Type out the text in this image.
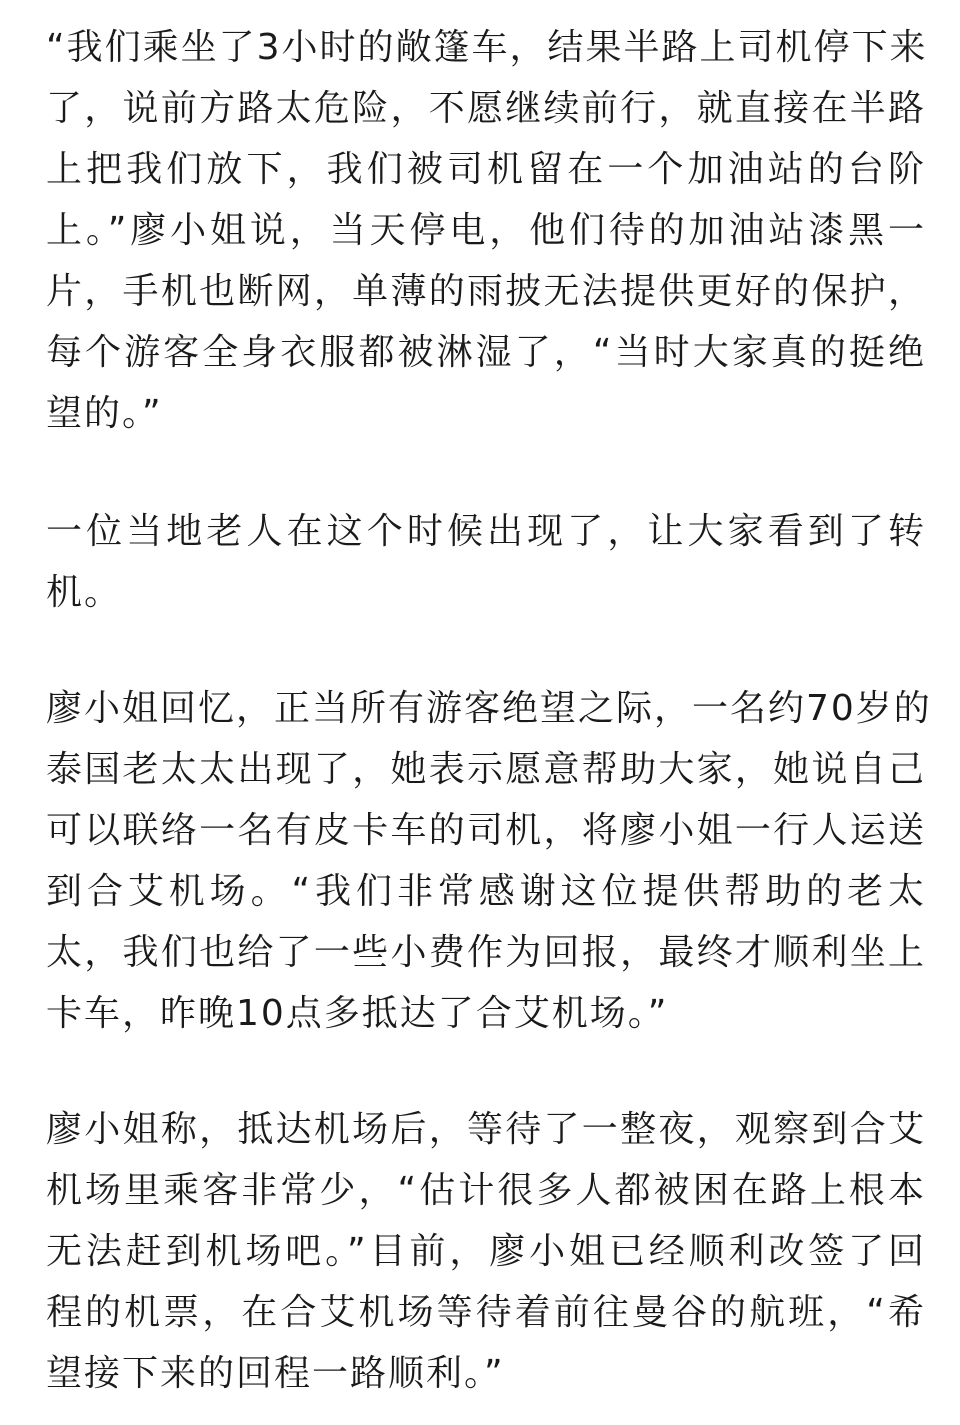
“我们乘坐了3小时的敞篷车，结果半路上司机停下来

了，说前方路太危险，不愿继续前行，就直接在半路

上把我们放下，我们被司机留在一个加油站的台阶

上。”廖小姐说，当天停电，他们待的加油站漆黑一

片，手机也断网，单薄的雨披无法提供更好的保护，

每个游客全身衣服都被淋湿了，“当时大家真的挺绝

望的。”

一位当地老人在这个时候出现了，让大家看到了转

机。

廖小姐回忆，正当所有游客绝望之际，一名约70岁的

泰国老太太出现了，她表示愿意帮助大家，她说自己

可以联络一名有皮卡车的司机，将廖小姐一行人运送

到合艾机场。“我们非常感谢这位提供帮助的老太

太，我们也给了一些小费作为回报，最终才顺利坐上

卡车，昨晚10点多抵达了合艾机场。”

廖小姐称，抵达机场后，等待了一整夜，观察到合艾

机场里乘客非常少，“估计很多人都被困在路上根本

无法赶到机场吧。”目前，廖小姐已经顺利改签了回

程的机票，在合艾机场等待着前往曼谷的航班，“希

望接下来的回程一路顺利。”
